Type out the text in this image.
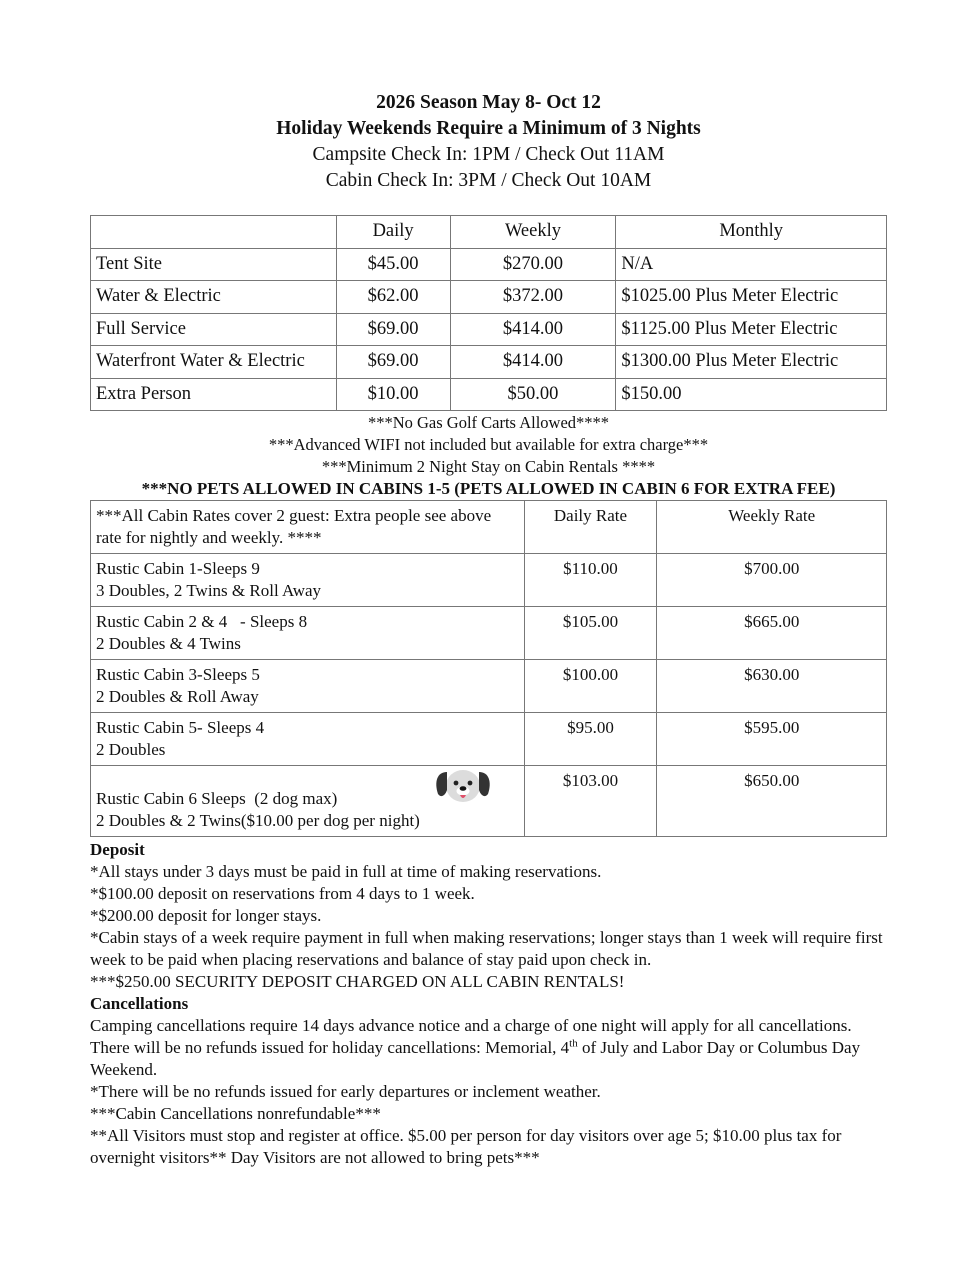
2026 Season May 8- Oct 12
Holiday Weekends Require a Minimum of 3 Nights
Campsite Check In: 1PM / Check Out 11AM
Cabin Check In: 3PM / Check Out 10AM
	Daily	Weekly	Monthly
Tent Site	$45.00	$270.00	N/A
Water & Electric	$62.00	$372.00	$1025.00 Plus Meter Electric
Full Service	$69.00	$414.00	$1125.00 Plus Meter Electric
Waterfront Water & Electric	$69.00	$414.00	$1300.00 Plus Meter Electric
Extra Person	$10.00	$50.00	$150.00
***No Gas Golf Carts Allowed****
***Advanced WIFI not included but available for extra charge***
***Minimum 2 Night Stay on Cabin Rentals ****
***NO PETS ALLOWED IN CABINS 1-5 (PETS ALLOWED IN CABIN 6 FOR EXTRA FEE)
***All Cabin Rates cover 2 guest: Extra people see above rate for nightly and weekly. ****	Daily Rate	Weekly Rate

Rustic Cabin 1-Sleeps 9
3 Doubles, 2 Twins & Roll Away	$110.00	$700.00

Rustic Cabin 2 & 4   - Sleeps 8
2 Doubles & 4 Twins	$105.00	$665.00

Rustic Cabin 3-Sleeps 5
2 Doubles & Roll Away	$100.00	$630.00

Rustic Cabin 5- Sleeps 4
2 Doubles	$95.00	$595.00

Rustic Cabin 6 Sleeps  (2 dog max)
2 Doubles & 2 Twins($10.00 per dog per night)	$103.00	$650.00
Deposit
*All stays under 3 days must be paid in full at time of making reservations.
*$100.00 deposit on reservations from 4 days to 1 week.
*$200.00 deposit for longer stays.
*Cabin stays of a week require payment in full when making reservations; longer stays than 1 week will require first week to be paid when placing reservations and balance of stay paid upon check in.
***$250.00 SECURITY DEPOSIT CHARGED ON ALL CABIN RENTALS!
Cancellations
Camping cancellations require 14 days advance notice and a charge of one night will apply for all cancellations. There will be no refunds issued for holiday cancellations: Memorial, 4th of July and Labor Day or Columbus Day Weekend.
*There will be no refunds issued for early departures or inclement weather.
***Cabin Cancellations nonrefundable***
**All Visitors must stop and register at office. $5.00 per person for day visitors over age 5; $10.00 plus tax for overnight visitors** Day Visitors are not allowed to bring pets***
